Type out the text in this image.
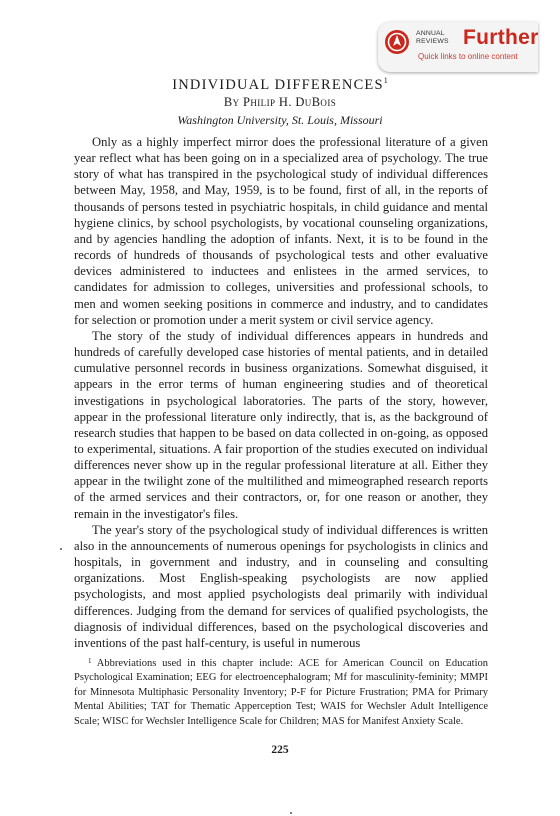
ANNUAL REVIEWS Further
Quick links to online content
INDIVIDUAL DIFFERENCES$^1$
By Philip H. DuBois
Washington University, St. Louis, Missouri

Only as a highly imperfect mirror does the professional literature of a given year reflect what has been going on in a specialized area of psychology. The true story of what has transpired in the psychological study of individual differences between May, 1958, and May, 1959, is to be found, first of all, in the reports of thousands of persons tested in psychiatric hospitals, in child guidance and mental hygiene clinics, by school psychologists, by vocational counseling organizations, and by agencies handling the adoption of infants. Next, it is to be found in the records of hundreds of thousands of psychological tests and other evaluative devices administered to inductees and enlistees in the armed services, to candidates for admission to colleges, universities and professional schools, to men and women seeking positions in commerce and industry, and to candidates for selection or promotion under a merit system or civil service agency.

The story of the study of individual differences appears in hundreds and hundreds of carefully developed case histories of mental patients, and in detailed cumulative personnel records in business organizations. Somewhat disguised, it appears in the error terms of human engineering studies and of theoretical investigations in psychological laboratories. The parts of the story, however, appear in the professional literature only indirectly, that is, as the background of research studies that happen to be based on data collected in on-going, as opposed to experimental, situations. A fair proportion of the studies executed on individual differences never show up in the regular professional literature at all. Either they appear in the twilight zone of the multilithed and mimeographed research reports of the armed services and their contractors, or, for one reason or another, they remain in the investigator's files.

The year's story of the psychological study of individual differences is written also in the announcements of numerous openings for psychologists in clinics and hospitals, in government and industry, and in counseling and consulting organizations. Most English-speaking psychologists are now applied psychologists, and most applied psychologists deal primarily with individual differences. Judging from the demand for services of qualified psychologists, the diagnosis of individual differences, based on the psychological discoveries and inventions of the past half-century, is useful in numerous

$^1$ Abbreviations used in this chapter include: ACE for American Council on Education Psychological Examination; EEG for electroencephalogram; Mf for masculinity-feminity; MMPI for Minnesota Multiphasic Personality Inventory; P-F for Picture Frustration; PMA for Primary Mental Abilities; TAT for Thematic Apperception Test; WAIS for Wechsler Adult Intelligence Scale; WISC for Wechsler Intelligence Scale for Children; MAS for Manifest Anxiety Scale.

225
